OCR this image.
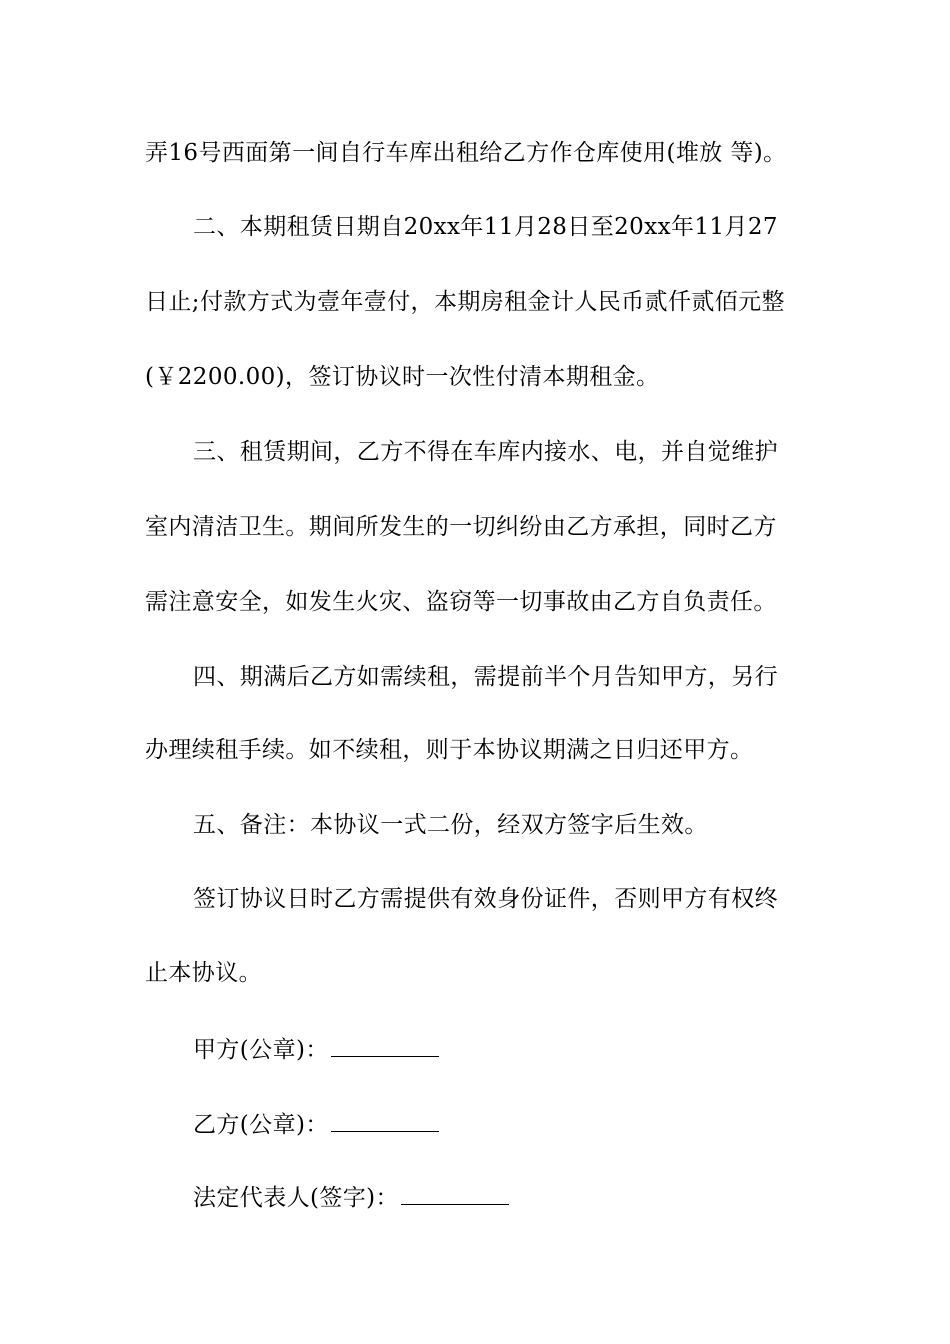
弄16号西面第一间自行车库出租给乙方作仓库使用(堆放 等)。
二、本期租赁日期自20xx年11月28日至20xx年11月27
日止;付款方式为壹年壹付，本期房租金计人民币贰仟贰佰元整
(￥2200.00)，签订协议时一次性付清本期租金。
三、租赁期间，乙方不得在车库内接水、电，并自觉维护
室内清洁卫生。期间所发生的一切纠纷由乙方承担，同时乙方
需注意安全，如发生火灾、盗窃等一切事故由乙方自负责任。
四、期满后乙方如需续租，需提前半个月告知甲方，另行
办理续租手续。如不续租，则于本协议期满之日归还甲方。
五、备注：本协议一式二份，经双方签字后生效。
签订协议日时乙方需提供有效身份证件，否则甲方有权终
止本协议。
甲方(公章)：
乙方(公章)：
法定代表人(签字)：
